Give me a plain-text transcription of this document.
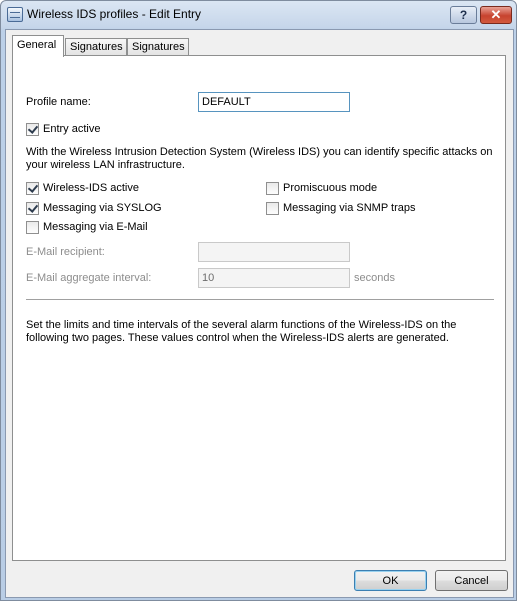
Wireless IDS profiles - Edit Entry	? ✕
General	Signatures Signatures
Profile name:	DEFAULT
Entry active
With the Wireless Intrusion Detection System (Wireless IDS) you can identify specific attacks on your wireless LAN infrastructure.
Wireless-IDS active	Promiscuous mode
Messaging via SYSLOG	Messaging via SNMP traps
Messaging via E-Mail
E-Mail recipient:
E-Mail aggregate interval:	10	seconds
Set the limits and time intervals of the several alarm functions of the Wireless-IDS on the following two pages. These values control when the Wireless-IDS alerts are generated.
OK	Cancel
